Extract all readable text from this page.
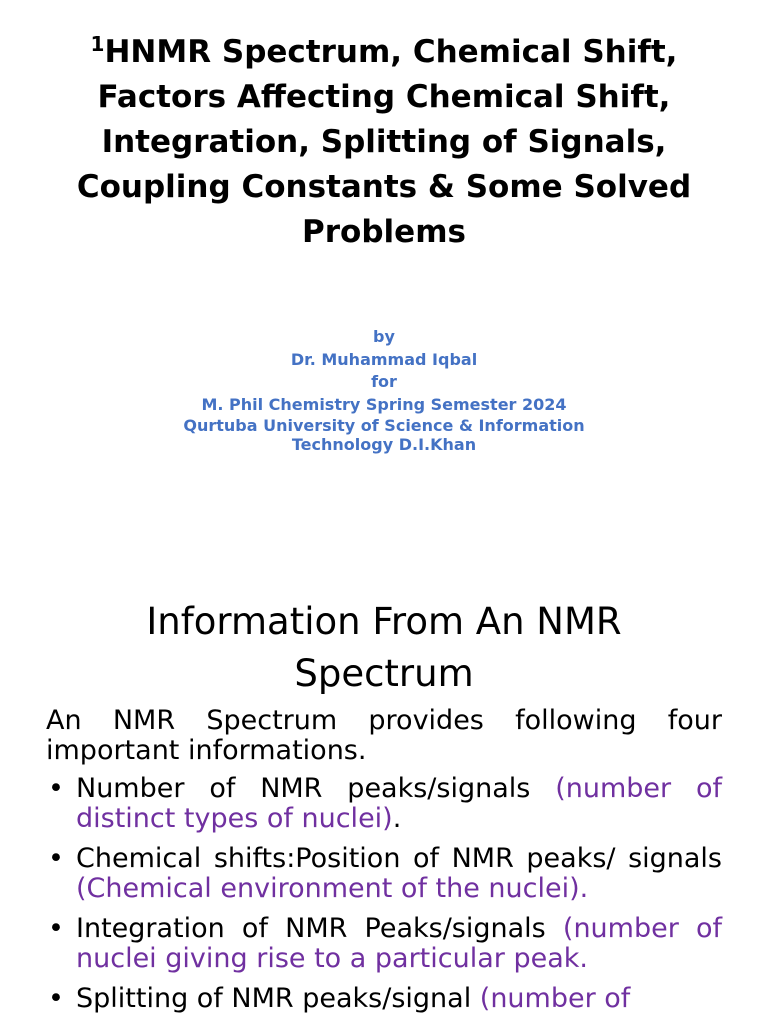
$^1$HNMR Spectrum, Chemical Shift,
Factors Affecting Chemical Shift,
Integration, Splitting of Signals,
Coupling Constants & Some Solved
Problems
by
Dr. Muhammad Iqbal
for
M. Phil Chemistry Spring Semester 2024

Qurtuba University of Science & Information
Technology D.I.Khan
Information From An NMR
Spectrum

An NMR Spectrum provides following four important informations.

• Number of NMR peaks/signals (number of distinct types of nuclei).
• Chemical shifts:Position of NMR peaks/ signals (Chemical environment of the nuclei).
• Integration of NMR Peaks/signals (number of nuclei giving rise to a particular peak.
• Splitting of NMR peaks/signal (number of
